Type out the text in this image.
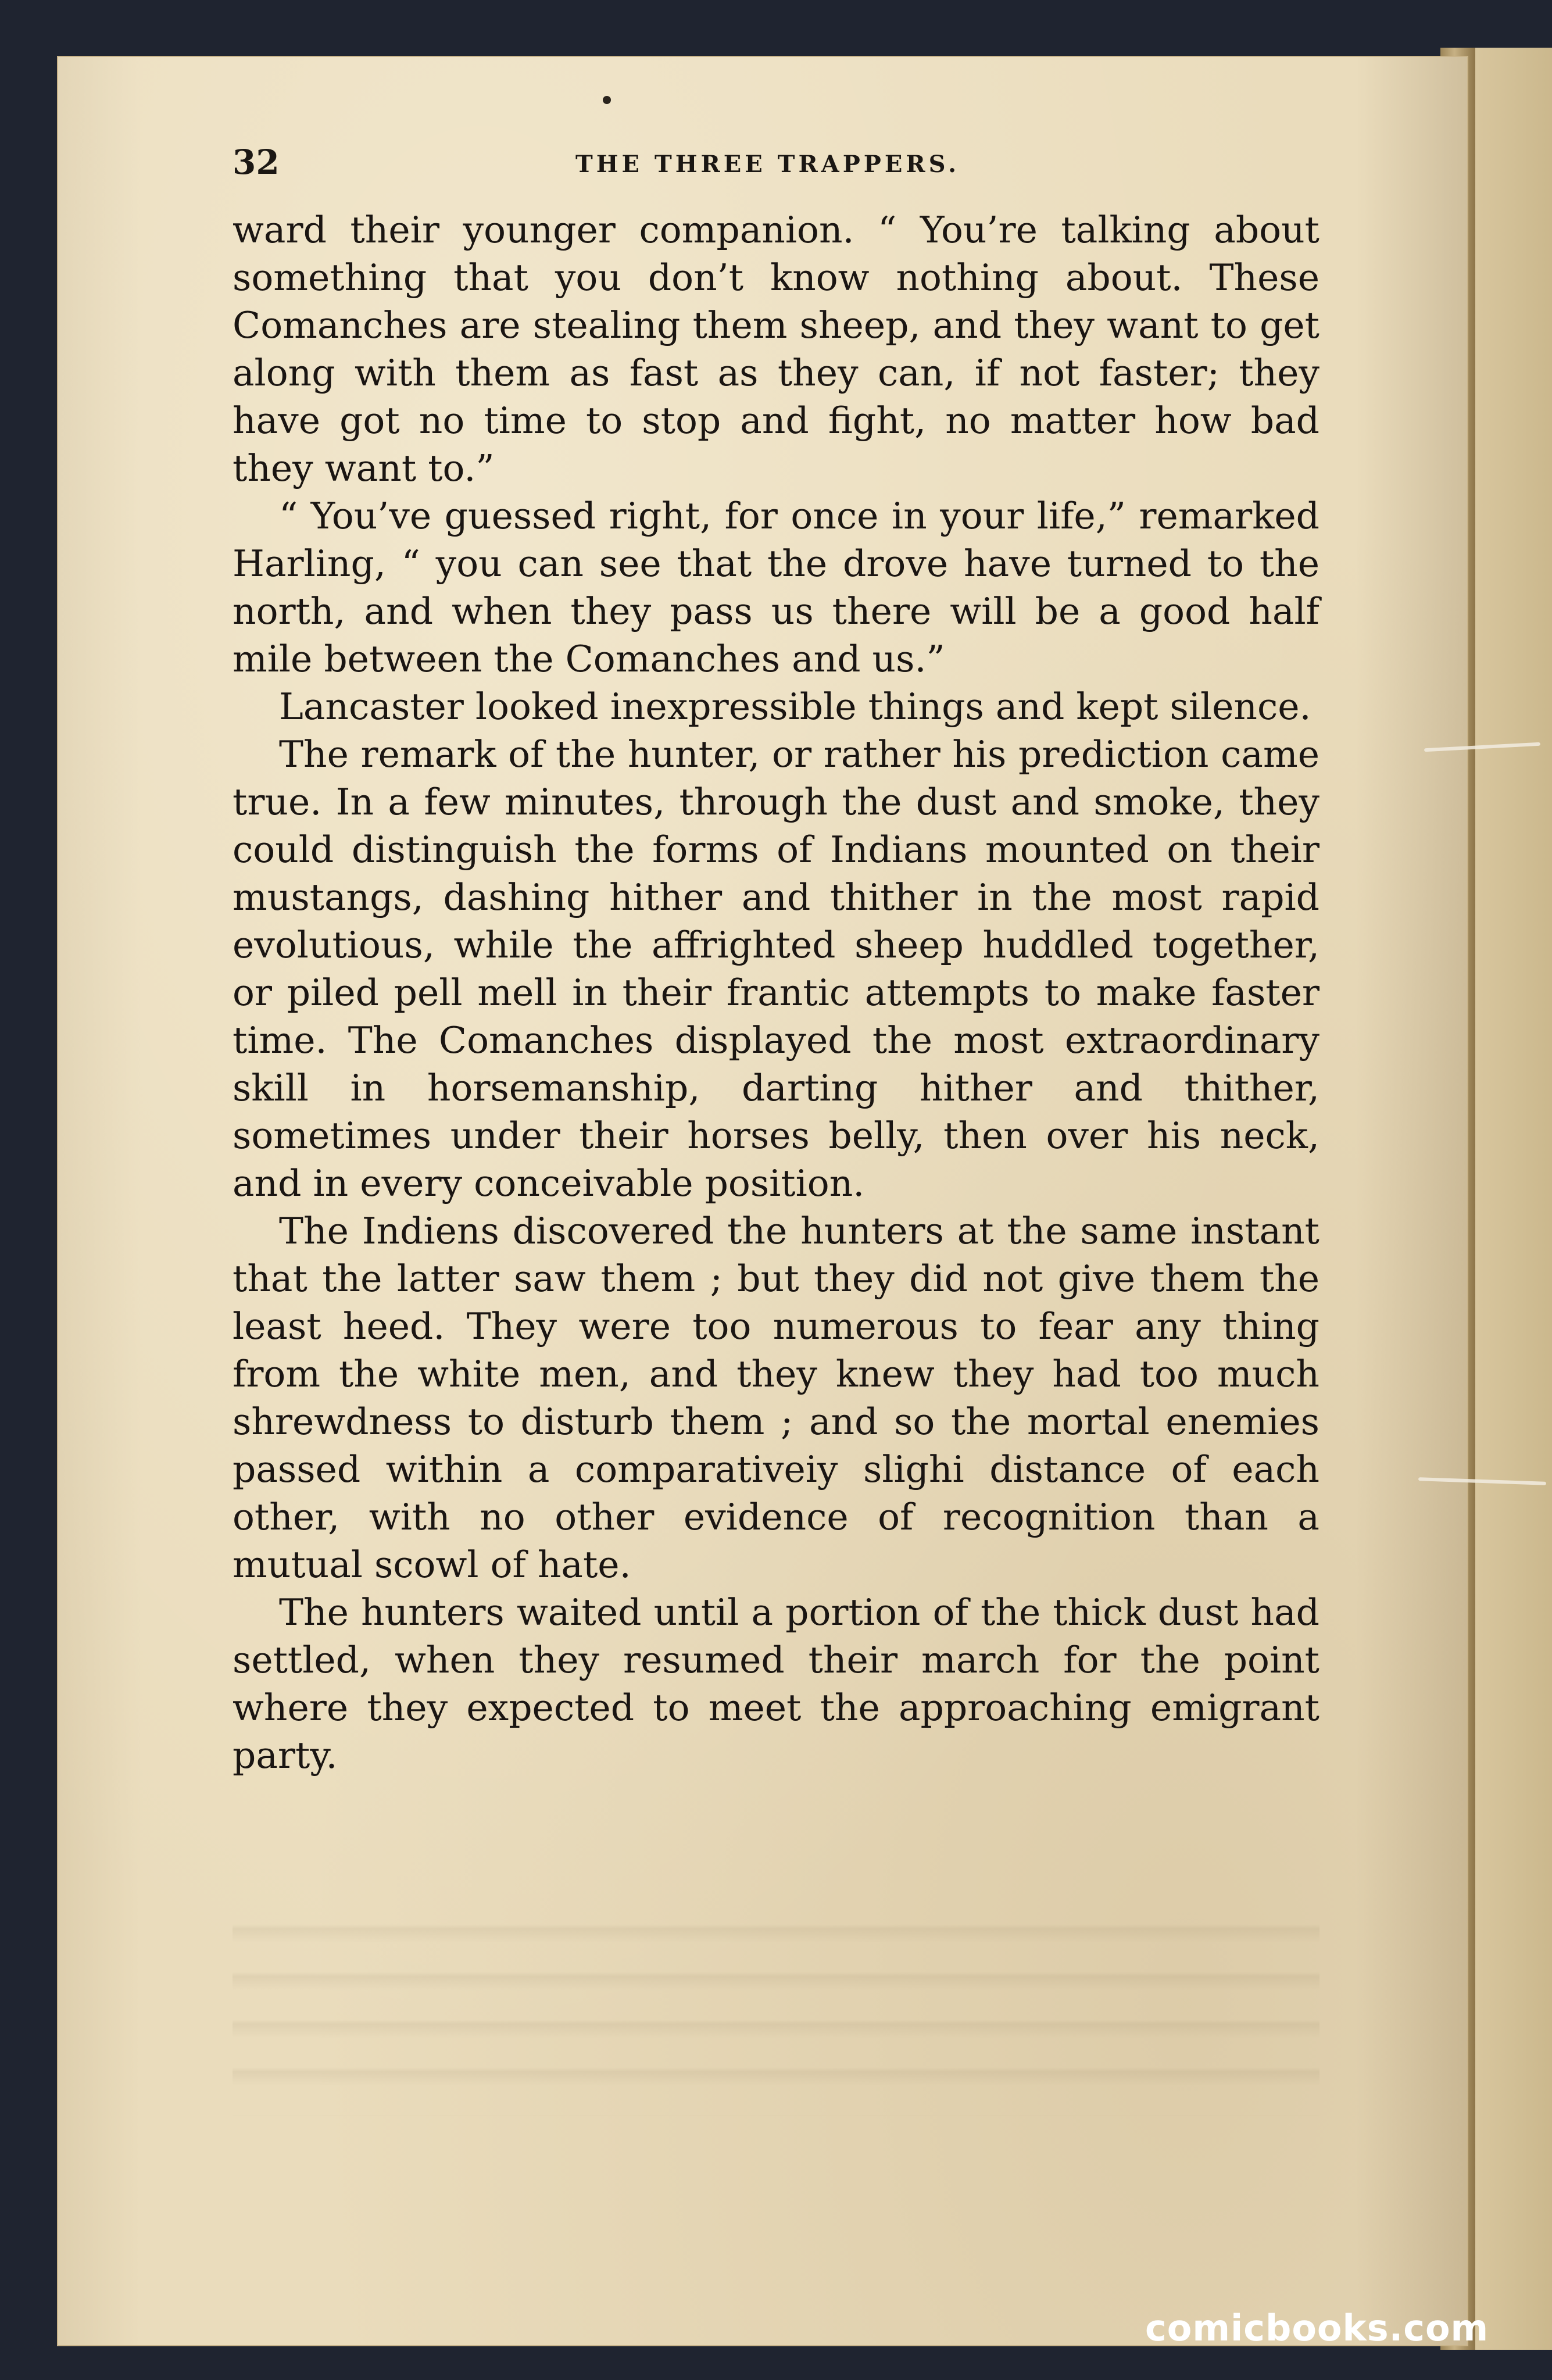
32	THE THREE TRAPPERS.

ward their younger companion. “ You’re talking about something that you don’t know nothing about. These Comanches are stealing them sheep, and they want to get along with them as fast as they can, if not faster; they have got no time to stop and fight, no matter how bad they want to.”

“ You’ve guessed right, for once in your life,” remarked Harling, “ you can see that the drove have turned to the north, and when they pass us there will be a good half mile between the Comanches and us.”

Lancaster looked inexpressible things and kept silence.

The remark of the hunter, or rather his prediction came true. In a few minutes, through the dust and smoke, they could distinguish the forms of Indians mounted on their mustangs, dashing hither and thither in the most rapid evolutious, while the affrighted sheep huddled together, or piled pell mell in their frantic attempts to make faster time. The Comanches displayed the most extraordinary skill in horsemanship, darting hither and thither, sometimes under their horses belly, then over his neck, and in every conceivable position.

The Indiens discovered the hunters at the same instant that the latter saw them ; but they did not give them the least heed. They were too numerous to fear any thing from the white men, and they knew they had too much shrewdness to disturb them ; and so the mortal enemies passed within a comparativeiy slighi distance of each other, with no other evidence of recognition than a mutual scowl of hate.

The hunters waited until a portion of the thick dust had settled, when they resumed their march for the point where they expected to meet the approaching emigrant party.

comicbooks.com
